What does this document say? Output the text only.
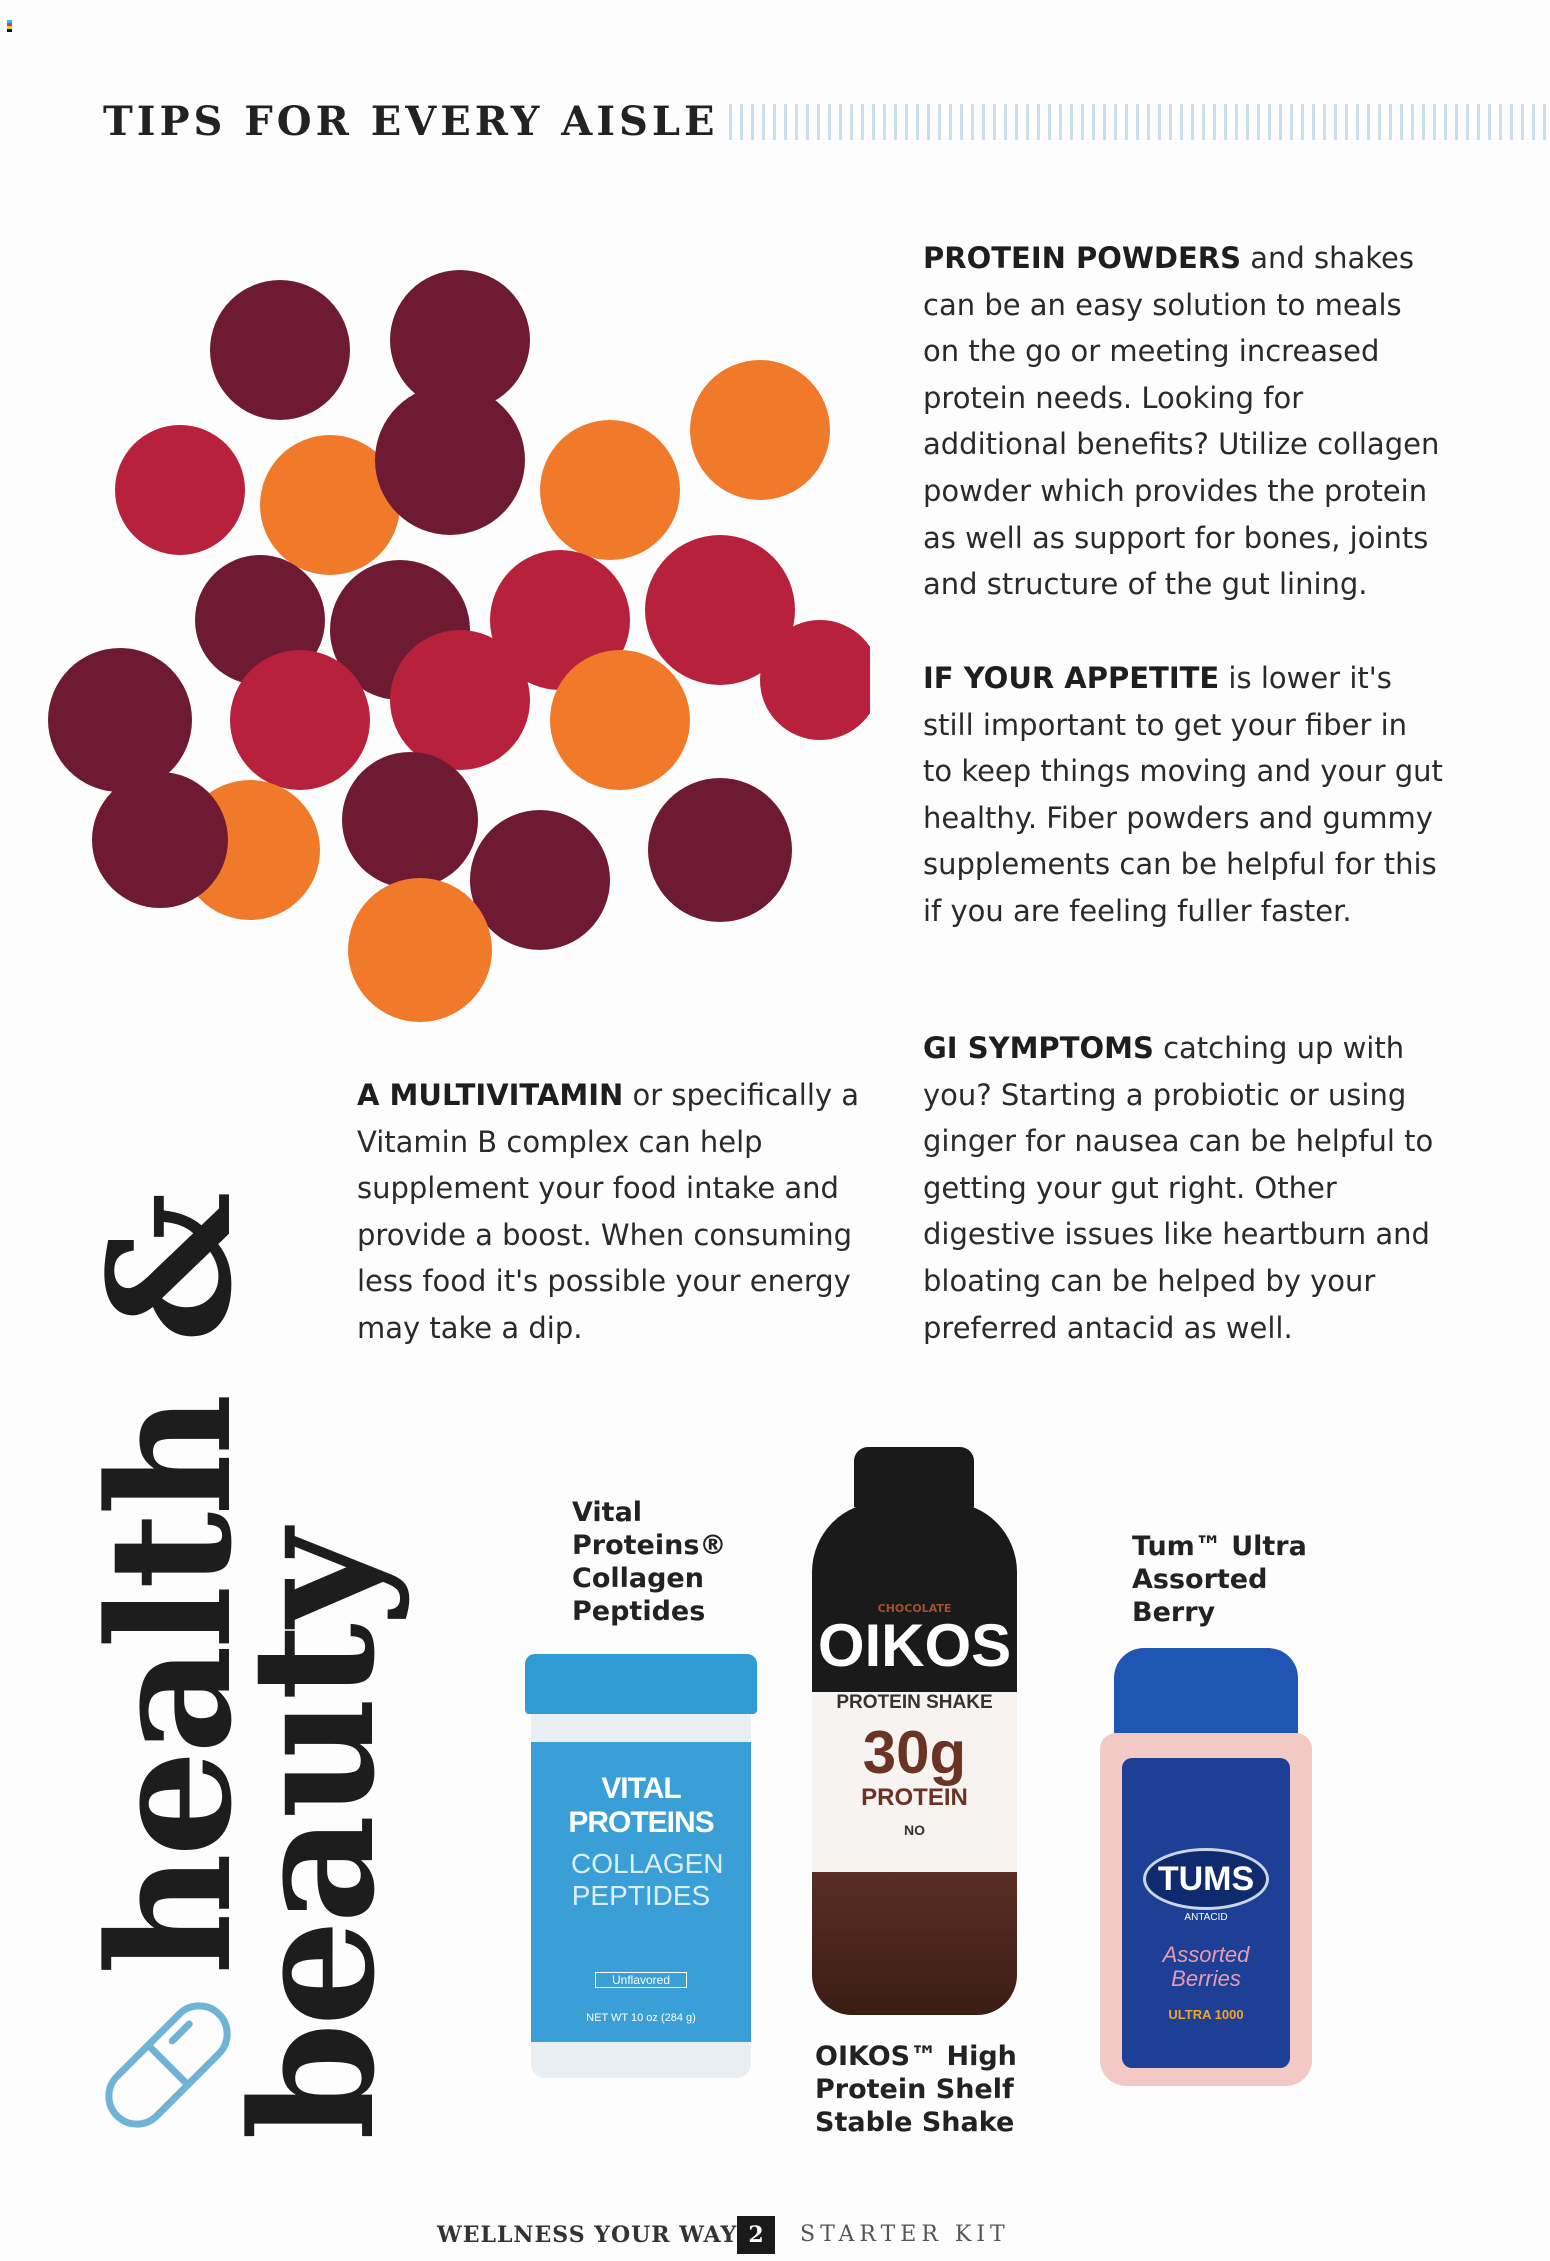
TIPS FOR EVERY AISLE
PROTEIN POWDERS and shakes can be an easy solution to meals on the go or meeting increased protein needs. Looking for additional benefits? Utilize collagen powder which provides the protein as well as support for bones, joints and structure of the gut lining.
IF YOUR APPETITE is lower it's still important to get your fiber in to keep things moving and your gut healthy. Fiber powders and gummy supplements can be helpful for this if you are feeling fuller faster.
GI SYMPTOMS catching up with you? Starting a probiotic or using ginger for nausea can be helpful to getting your gut right. Other digestive issues like heartburn and bloating can be helped by your preferred antacid as well.
A MULTIVITAMIN or specifically a Vitamin B complex can help supplement your food intake and provide a boost. When consuming less food it's possible your energy may take a dip.
health &
beauty
Vital Proteins® Collagen Peptides
VITAL PROTEINS
COLLAGEN PEPTIDES
Unflavored
NET WT 10 oz (284 g)
CHOCOLATE
OIKOS
PROTEIN SHAKE
30g
PROTEIN
NO
OIKOS™ High Protein Shelf Stable Shake
Tum™ Ultra Assorted Berry
TUMS
ANTACID
Assorted Berries
ULTRA 1000
WELLNESS YOUR WAY 2	STARTER KIT
